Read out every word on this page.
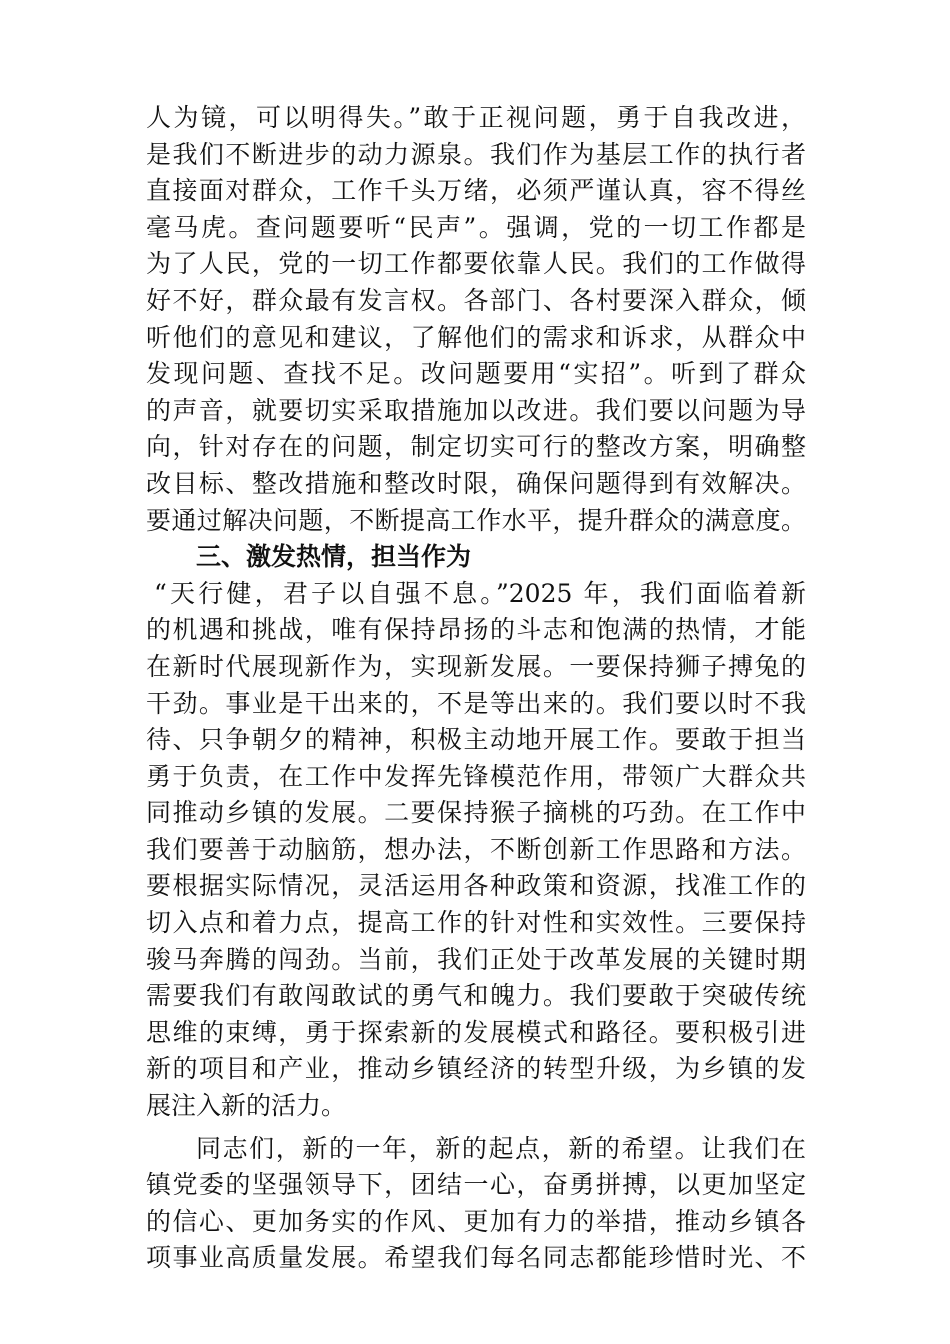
人为镜，可以明得失。”敢于正视问题，勇于自我改进，
是我们不断进步的动力源泉。我们作为基层工作的执行者
直接面对群众，工作千头万绪，必须严谨认真，容不得丝
毫马虎。查问题要听“民声”。强调，党的一切工作都是
为了人民，党的一切工作都要依靠人民。我们的工作做得
好不好，群众最有发言权。各部门、各村要深入群众，倾
听他们的意见和建议，了解他们的需求和诉求，从群众中
发现问题、查找不足。改问题要用“实招”。听到了群众
的声音，就要切实采取措施加以改进。我们要以问题为导
向，针对存在的问题，制定切实可行的整改方案，明确整
改目标、整改措施和整改时限，确保问题得到有效解决。
要通过解决问题，不断提高工作水平，提升群众的满意度。
三、激发热情，担当作为
“天行健，君子以自强不息。”2025 年，我们面临着新
的机遇和挑战，唯有保持昂扬的斗志和饱满的热情，才能
在新时代展现新作为，实现新发展。一要保持狮子搏兔的
干劲。事业是干出来的，不是等出来的。我们要以时不我
待、只争朝夕的精神，积极主动地开展工作。要敢于担当
勇于负责，在工作中发挥先锋模范作用，带领广大群众共
同推动乡镇的发展。二要保持猴子摘桃的巧劲。在工作中
我们要善于动脑筋，想办法，不断创新工作思路和方法。
要根据实际情况，灵活运用各种政策和资源，找准工作的
切入点和着力点，提高工作的针对性和实效性。三要保持
骏马奔腾的闯劲。当前，我们正处于改革发展的关键时期
需要我们有敢闯敢试的勇气和魄力。我们要敢于突破传统
思维的束缚，勇于探索新的发展模式和路径。要积极引进
新的项目和产业，推动乡镇经济的转型升级，为乡镇的发
展注入新的活力。
同志们，新的一年，新的起点，新的希望。让我们在
镇党委的坚强领导下，团结一心，奋勇拼搏，以更加坚定
的信心、更加务实的作风、更加有力的举措，推动乡镇各
项事业高质量发展。希望我们每名同志都能珍惜时光、不
